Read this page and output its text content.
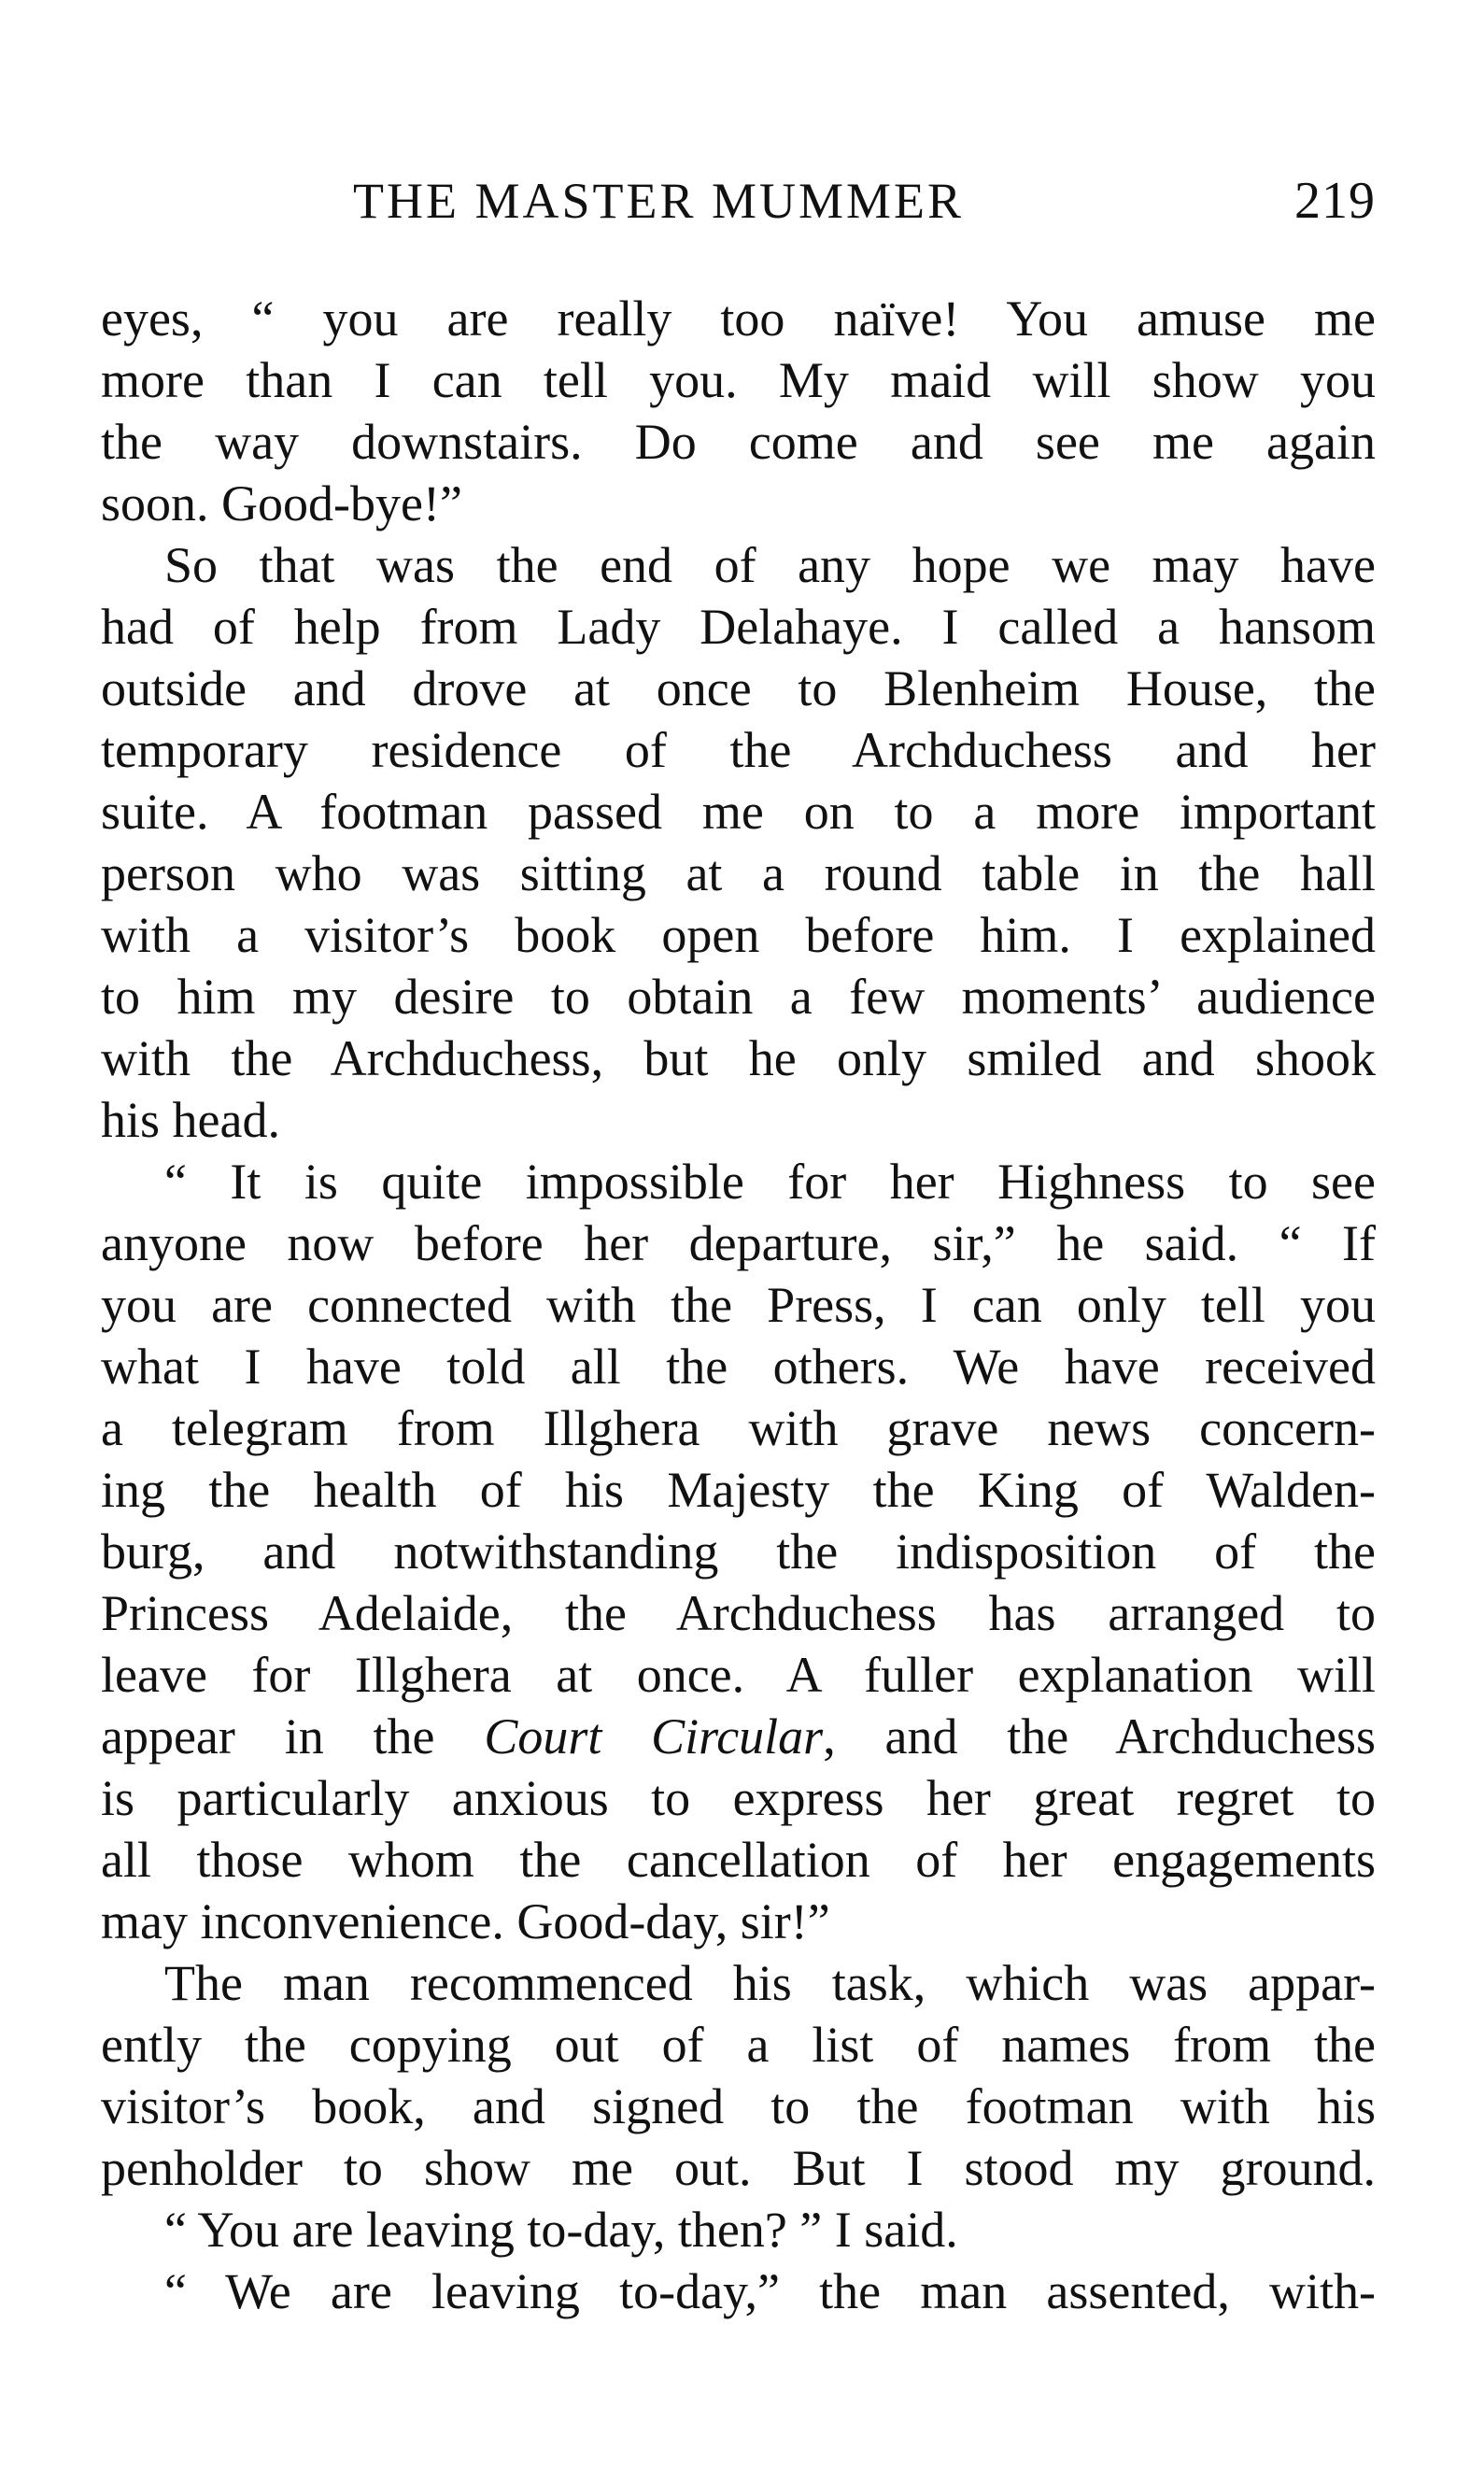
THE MASTER MUMMER	219
eyes, “ you are really too naïve! You amuse me
more than I can tell you. My maid will show you
the way downstairs. Do come and see me again
soon. Good-bye!”
So that was the end of any hope we may have
had of help from Lady Delahaye. I called a hansom
outside and drove at once to Blenheim House, the
temporary residence of the Archduchess and her
suite. A footman passed me on to a more important
person who was sitting at a round table in the hall
with a visitor’s book open before him. I explained
to him my desire to obtain a few moments’ audience
with the Archduchess, but he only smiled and shook
his head.
“ It is quite impossible for her Highness to see
anyone now before her departure, sir,” he said. “ If
you are connected with the Press, I can only tell you
what I have told all the others. We have received
a telegram from Illghera with grave news concern-
ing the health of his Majesty the King of Walden-
burg, and notwithstanding the indisposition of the
Princess Adelaide, the Archduchess has arranged to
leave for Illghera at once. A fuller explanation will
appear in the Court Circular, and the Archduchess
is particularly anxious to express her great regret to
all those whom the cancellation of her engagements
may inconvenience. Good-day, sir!”
The man recommenced his task, which was appar-
ently the copying out of a list of names from the
visitor’s book, and signed to the footman with his
penholder to show me out. But I stood my ground.
“ You are leaving to-day, then? ” I said.
“ We are leaving to-day,” the man assented, with-
